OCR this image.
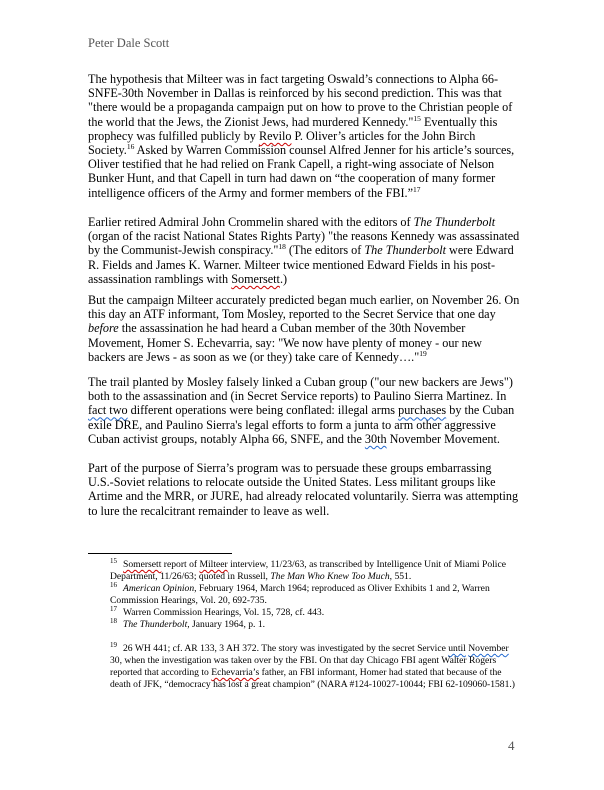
Peter Dale Scott

The hypothesis that Milteer was in fact targeting Oswald’s connections to Alpha 66-SNFE-30th November in Dallas is reinforced by his second prediction. This was that "there would be a propaganda campaign put on how to prove to the Christian people of the world that the Jews, the Zionist Jews, had murdered Kennedy."$^{15}$ Eventually this prophecy was fulfilled publicly by Revilo P. Oliver’s articles for the John Birch Society.$^{16}$ Asked by Warren Commission counsel Alfred Jenner for his article’s sources, Oliver testified that he had relied on Frank Capell, a right-wing associate of Nelson Bunker Hunt, and that Capell in turn had dawn on “the cooperation of many former intelligence officers of the Army and former members of the FBI.”$^{17}$

Earlier retired Admiral John Crommelin shared with the editors of The Thunderbolt (organ of the racist National States Rights Party) "the reasons Kennedy was assassinated by the Communist-Jewish conspiracy."$^{18}$ (The editors of The Thunderbolt were Edward R. Fields and James K. Warner. Milteer twice mentioned Edward Fields in his post-assassination ramblings with Somersett.)

But the campaign Milteer accurately predicted began much earlier, on November 26. On this day an ATF informant, Tom Mosley, reported to the Secret Service that one day before the assassination he had heard a Cuban member of the 30th November Movement, Homer S. Echevarria, say: "We now have plenty of money - our new backers are Jews - as soon as we (or they) take care of Kennedy…."$^{19}$

The trail planted by Mosley falsely linked a Cuban group ("our new backers are Jews") both to the assassination and (in Secret Service reports) to Paulino Sierra Martinez. In fact two different operations were being conflated: illegal arms purchases by the Cuban exile DRE, and Paulino Sierra's legal efforts to form a junta to arm other aggressive Cuban activist groups, notably Alpha 66, SNFE, and the 30th November Movement.

Part of the purpose of Sierra’s program was to persuade these groups embarrassing U.S.-Soviet relations to relocate outside the United States. Less militant groups like Artime and the MRR, or JURE, had already relocated voluntarily. Sierra was attempting to lure the recalcitrant remainder to leave as well.

$^{15}$ Somersett report of Milteer interview, 11/23/63, as transcribed by Intelligence Unit of Miami Police Department, 11/26/63; quoted in Russell, The Man Who Knew Too Much, 551.

$^{16}$ American Opinion, February 1964, March 1964; reproduced as Oliver Exhibits 1 and 2, Warren Commission Hearings, Vol. 20, 692-735.

$^{17}$ Warren Commission Hearings, Vol. 15, 728, cf. 443.

$^{18}$ The Thunderbolt, January 1964, p. 1.

$^{19}$ 26 WH 441; cf. AR 133, 3 AH 372. The story was investigated by the secret Service until November 30, when the investigation was taken over by the FBI. On that day Chicago FBI agent Walter Rogers reported that according to Echevarria’s father, an FBI informant, Homer had stated that because of the death of JFK, “democracy has lost a great champion” (NARA #124-10027-10044; FBI 62-109060-1581.)

4
